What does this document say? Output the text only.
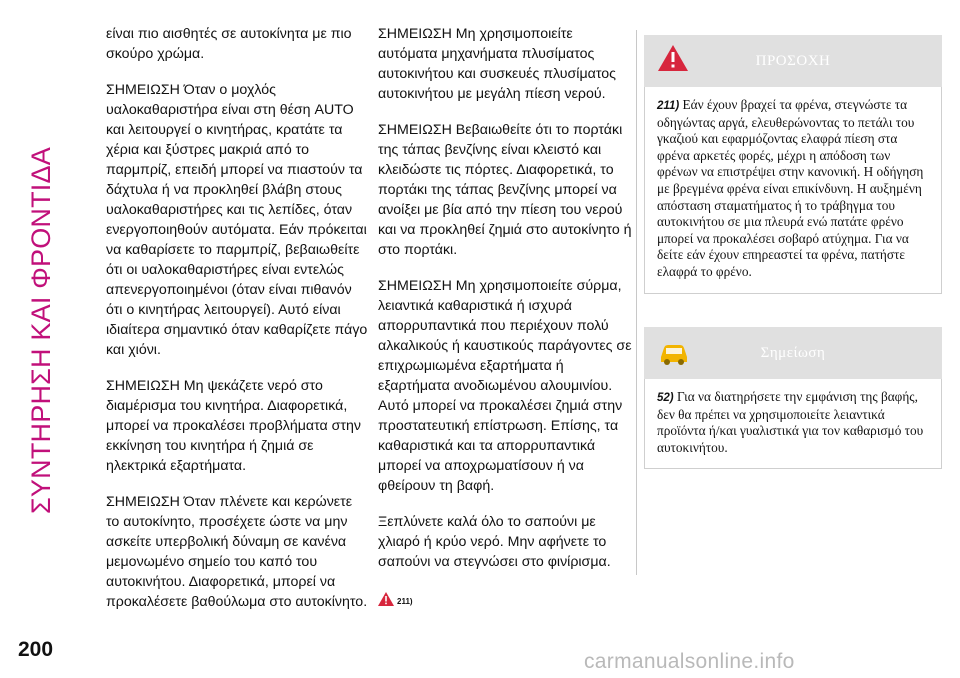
ΣΥΝΤΗΡΗΣΗ ΚΑΙ ΦΡΟΝΤΙΔΑ

είναι πιο αισθητές σε αυτοκίνητα με πιο σκούρο χρώμα.

ΣΗΜΕΙΩΣΗ Όταν ο μοχλός υαλοκαθαριστήρα είναι στη θέση AUTO και λειτουργεί ο κινητήρας, κρατάτε τα χέρια και ξύστρες μακριά από το παρμπρίζ, επειδή μπορεί να πιαστούν τα δάχτυλα ή να προκληθεί βλάβη στους υαλοκαθαριστήρες και τις λεπίδες, όταν ενεργοποιηθούν αυτόματα. Εάν πρόκειται να καθαρίσετε το παρμπρίζ, βεβαιωθείτε ότι οι υαλοκαθαριστήρες είναι εντελώς απενεργοποιημένοι (όταν είναι πιθανόν ότι ο κινητήρας λειτουργεί). Αυτό είναι ιδιαίτερα σημαντικό όταν καθαρίζετε πάγο και χιόνι.

ΣΗΜΕΙΩΣΗ Μη ψεκάζετε νερό στο διαμέρισμα του κινητήρα. Διαφορετικά, μπορεί να προκαλέσει προβλήματα στην εκκίνηση του κινητήρα ή ζημιά σε ηλεκτρικά εξαρτήματα.

ΣΗΜΕΙΩΣΗ Όταν πλένετε και κερώνετε το αυτοκίνητο, προσέχετε ώστε να μην ασκείτε υπερβολική δύναμη σε κανένα μεμονωμένο σημείο του καπό του αυτοκινήτου. Διαφορετικά, μπορεί να προκαλέσετε βαθούλωμα στο αυτοκίνητο.

ΣΗΜΕΙΩΣΗ Μη χρησιμοποιείτε αυτόματα μηχανήματα πλυσίματος αυτοκινήτου και συσκευές πλυσίματος αυτοκινήτου με μεγάλη πίεση νερού.

ΣΗΜΕΙΩΣΗ Βεβαιωθείτε ότι το πορτάκι της τάπας βενζίνης είναι κλειστό και κλειδώστε τις πόρτες. Διαφορετικά, το πορτάκι της τάπας βενζίνης μπορεί να ανοίξει με βία από την πίεση του νερού και να προκληθεί ζημιά στο αυτοκίνητο ή στο πορτάκι.

ΣΗΜΕΙΩΣΗ Μη χρησιμοποιείτε σύρμα, λειαντικά καθαριστικά ή ισχυρά απορρυπαντικά που περιέχουν πολύ αλκαλικούς ή καυστικούς παράγοντες σε επιχρωμιωμένα εξαρτήματα ή εξαρτήματα ανοδιωμένου αλουμινίου. Αυτό μπορεί να προκαλέσει ζημιά στην προστατευτική επίστρωση. Επίσης, τα καθαριστικά και τα απορρυπαντικά μπορεί να αποχρωματίσουν ή να φθείρουν τη βαφή.

Ξεπλύνετε καλά όλο το σαπούνι με χλιαρό ή κρύο νερό. Μην αφήνετε το σαπούνι να στεγνώσει στο φινίρισμα.

211)
ΠΡΟΣΟΧΗ
211) Εάν έχουν βραχεί τα φρένα, στεγνώστε τα οδηγώντας αργά, ελευθερώνοντας το πετάλι του γκαζιού και εφαρμόζοντας ελαφρά πίεση στα φρένα αρκετές φορές, μέχρι η απόδοση των φρένων να επιστρέψει στην κανονική. Η οδήγηση με βρεγμένα φρένα είναι επικίνδυνη. Η αυξημένη απόσταση σταματήματος ή το τράβηγμα του αυτοκινήτου σε μια πλευρά ενώ πατάτε φρένο μπορεί να προκαλέσει σοβαρό ατύχημα. Για να δείτε εάν έχουν επηρεαστεί τα φρένα, πατήστε ελαφρά το φρένο.
Σημείωση
52) Για να διατηρήσετε την εμφάνιση της βαφής, δεν θα πρέπει να χρησιμοποιείτε λειαντικά προϊόντα ή/και γυαλιστικά για τον καθαρισμό του αυτοκινήτου.
200
carmanualsonline.info
